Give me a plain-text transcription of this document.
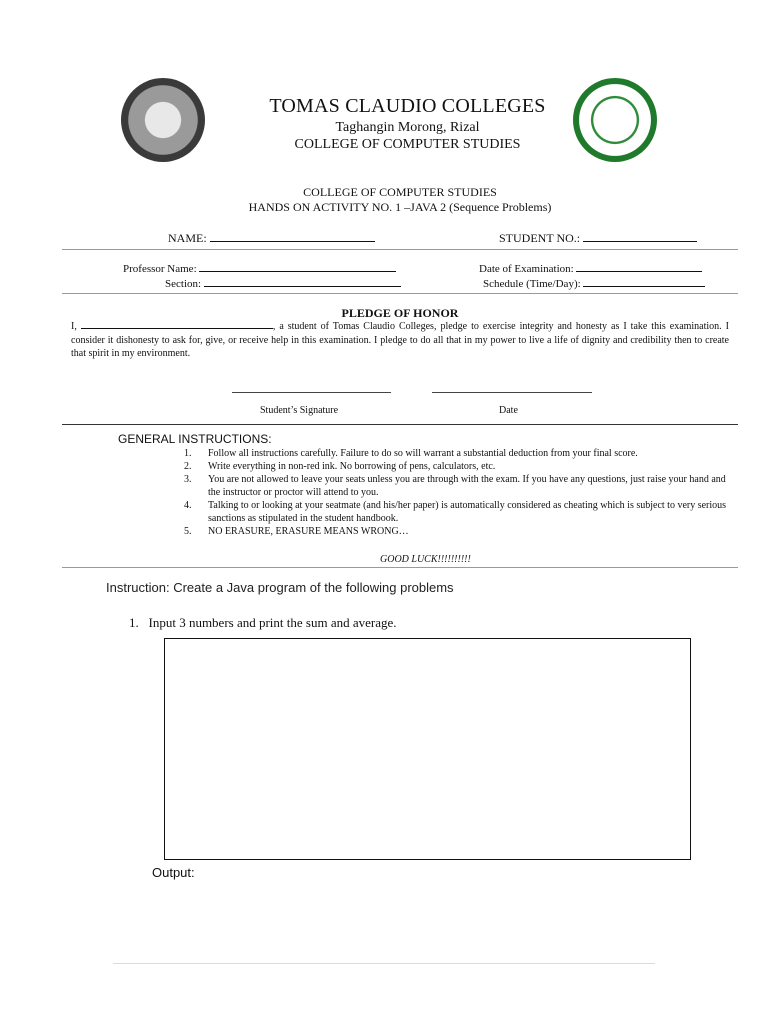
TOMAS CLAUDIO COLLEGES
Taghangin Morong, Rizal
COLLEGE OF COMPUTER STUDIES
COLLEGE OF COMPUTER STUDIES
HANDS ON ACTIVITY NO. 1 –JAVA 2 (Sequence Problems)
NAME:	STUDENT NO.:
Professor Name:	Date of Examination:
Section:	Schedule (Time/Day):
PLEDGE OF HONOR
I,	, a student of Tomas Claudio Colleges, pledge to exercise integrity and honesty as I take this examination. I consider it dishonesty to ask for, give, or receive help in this examination. I pledge to do all that in my power to live a life of dignity and credibility then to create that spirit in my environment.
Student’s Signature	Date
GENERAL INSTRUCTIONS:
1.	Follow all instructions carefully. Failure to do so will warrant a substantial deduction from your final score.
2.	Write everything in non-red ink. No borrowing of pens, calculators, etc.
3.	You are not allowed to leave your seats unless you are through with the exam. If you have any questions, just raise your hand and the instructor or proctor will attend to you.
4.	Talking to or looking at your seatmate (and his/her paper) is automatically considered as cheating which is subject to very serious sanctions as stipulated in the student handbook.
5.	NO ERASURE, ERASURE MEANS WRONG…
GOOD LUCK!!!!!!!!!!
Instruction: Create a Java program of the following problems
1. Input 3 numbers and print the sum and average.
Output:
